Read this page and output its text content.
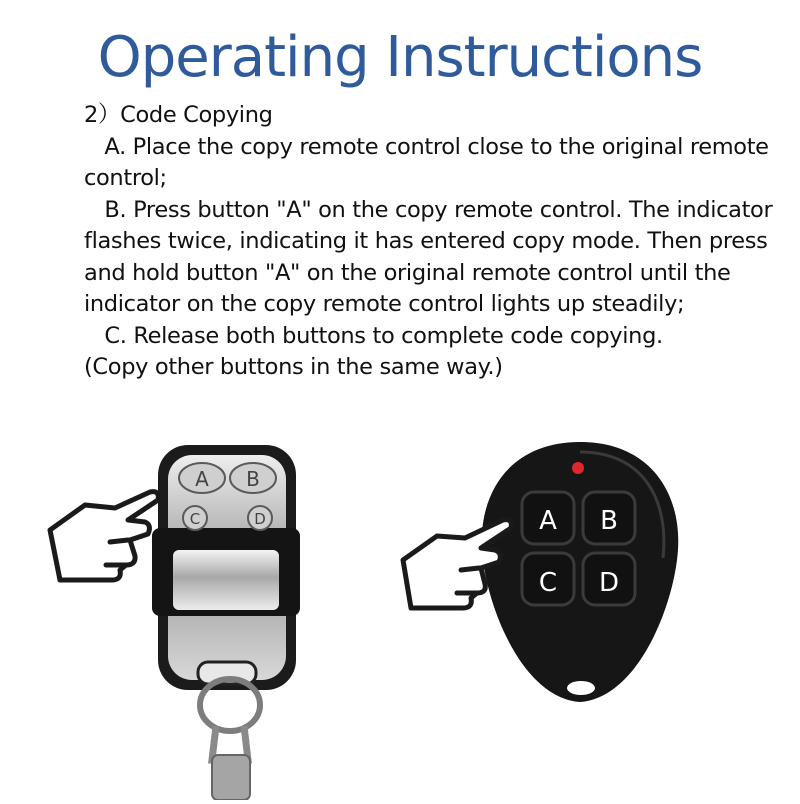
Operating Instructions
2）Code Copying
A. Place the copy remote control close to the original remote control;
B. Press button "A" on the copy remote control. The indicator flashes twice, indicating it has entered copy mode. Then press and hold button "A" on the original remote control until the indicator on the copy remote control lights up steadily;
C. Release both buttons to complete code copying.
(Copy other buttons in the same way.)
A B
C	D	A B
C D
